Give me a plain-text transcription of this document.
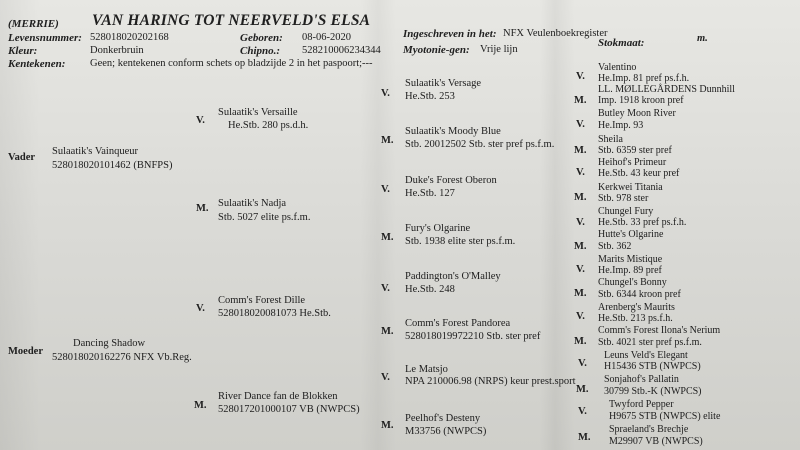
(MERRIE) VAN HARING TOT NEERVELD'S ELSA
Levensnummer: 528018020202168	Geboren: 08-06-2020	Ingeschreven in het: NFX Veulenboekregister
Kleur:	Donkerbruin	Chipno.: 528210006234344 Myotonie-gen: Vrije lijn
Stokmaat:	m.
Kentekenen: Geen; kentekenen conform schets op bladzijde 2 in het paspoort;---
Vader
Sulaatik's Vainqueur
528018020101462 (BNFPS)
Moeder
Dancing Shadow
528018020162276 NFX Vb.Reg.
V.
Sulaatik's Versaille
He.Stb. 280 ps.d.h.
M. Sulaatik's Nadja
Stb. 5027 elite ps.f.m.
V.
Comm's Forest Dille
528018020081073 He.Stb.
M.
River Dance fan de Blokken
528017201000107 VB (NWPCS)
V.
Sulaatik's Versage
He.Stb. 253
M.
Sulaatik's Moody Blue
Stb. 20012502 Stb. ster pref ps.f.m.
V.
Duke's Forest Oberon
He.Stb. 127
M.
Fury's Olgarine
Stb. 1938 elite ster ps.f.m.
V.
Paddington's O'Malley
He.Stb. 248
M.
Comm's Forest Pandorea
528018019972210 Stb. ster pref
V.
Le Matsjo
NPA 210006.98 (NRPS) keur prest.sport
M.
Peelhof's Desteny
M33756 (NWPCS)
V.
Valentino
He.Imp. 81 pref ps.f.h.
M.
LL. MØLLEGÅRDENS Dunnhill
Imp. 1918 kroon pref
V.
Butley Moon River
He.Imp. 93
M.
Sheila
Stb. 6359 ster pref
V.
Heihof's Primeur
He.Stb. 43 keur pref
M.
Kerkwei Titania
Stb. 978 ster
V.
Chungel Fury
He.Stb. 33 pref ps.f.h.
M.
Hutte's Olgarine
Stb. 362
V.
Marits Mistique
He.Imp. 89 pref
M.
Chungel's Bonny
Stb. 6344 kroon pref
V.
Arenberg's Maurits
He.Stb. 213 ps.f.h.
M.
Comm's Forest Ilona's Nerium
Stb. 4021 ster pref ps.f.m.
V.
Leuns Veld's Elegant
H15436 STB (NWPCS)
M.
Sonjahof's Pallatin
30799 Stb.-K (NWPCS)
V.
Twyford Pepper
H9675 STB (NWPCS) elite
M.
Spraeland's Brechje
M29907 VB (NWPCS)
